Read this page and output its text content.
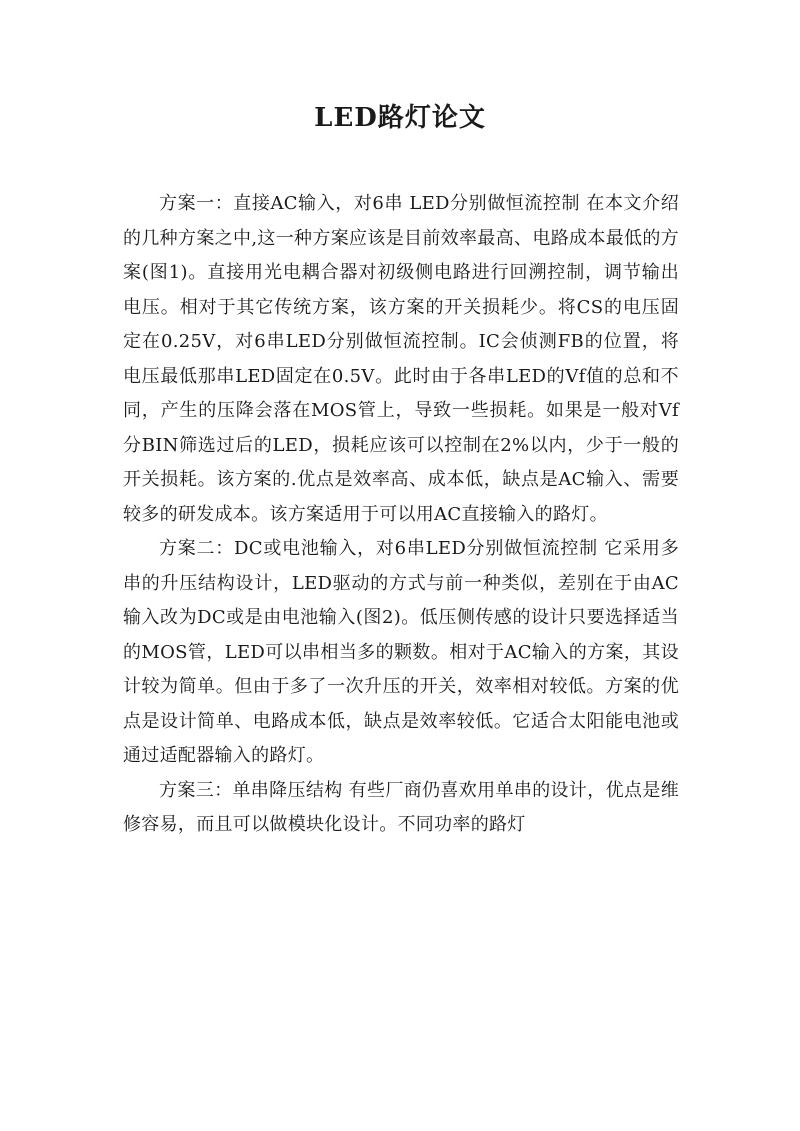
LED路灯论文

方案一：直接AC输入，对6串 LED分别做恒流控制 在本文介绍的几种方案之中,这一种方案应该是目前效率最高、电路成本最低的方案(图1)。直接用光电耦合器对初级侧电路进行回溯控制，调节输出电压。相对于其它传统方案，该方案的开关损耗少。将CS的电压固定在0.25V，对6串LED分别做恒流控制。IC会侦测FB的位置，将电压最低那串LED固定在0.5V。此时由于各串LED的Vf值的总和不同，产生的压降会落在MOS管上，导致一些损耗。如果是一般对Vf分BIN筛选过后的LED，损耗应该可以控制在2%以内，少于一般的开关损耗。该方案的.优点是效率高、成本低，缺点是AC输入、需要较多的研发成本。该方案适用于可以用AC直接输入的路灯。

方案二：DC或电池输入，对6串LED分别做恒流控制 它采用多串的升压结构设计，LED驱动的方式与前一种类似，差别在于由AC输入改为DC或是由电池输入(图2)。低压侧传感的设计只要选择适当的MOS管，LED可以串相当多的颗数。相对于AC输入的方案，其设计较为简单。但由于多了一次升压的开关，效率相对较低。方案的优点是设计简单、电路成本低，缺点是效率较低。它适合太阳能电池或通过适配器输入的路灯。

方案三：单串降压结构 有些厂商仍喜欢用单串的设计，优点是维修容易，而且可以做模块化设计。不同功率的路灯
